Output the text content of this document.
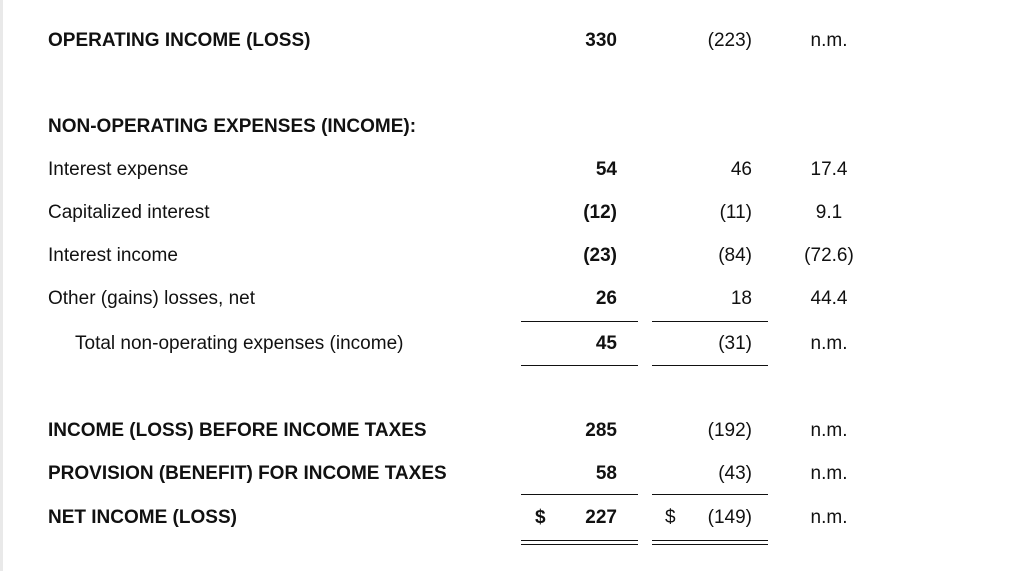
OPERATING INCOME (LOSS)	330	(223)	n.m.
NON-OPERATING EXPENSES (INCOME):
Interest expense	54	46	17.4
Capitalized interest	(12)	(11)	9.1
Interest income	(23)	(84)	(72.6)
Other (gains) losses, net	26	18	44.4
Total non-operating expenses (income)	45	(31)	n.m.
INCOME (LOSS) BEFORE INCOME TAXES	285	(192)	n.m.
PROVISION (BENEFIT) FOR INCOME TAXES	58	(43)	n.m.
NET INCOME (LOSS)	$	227	$	(149)	n.m.
